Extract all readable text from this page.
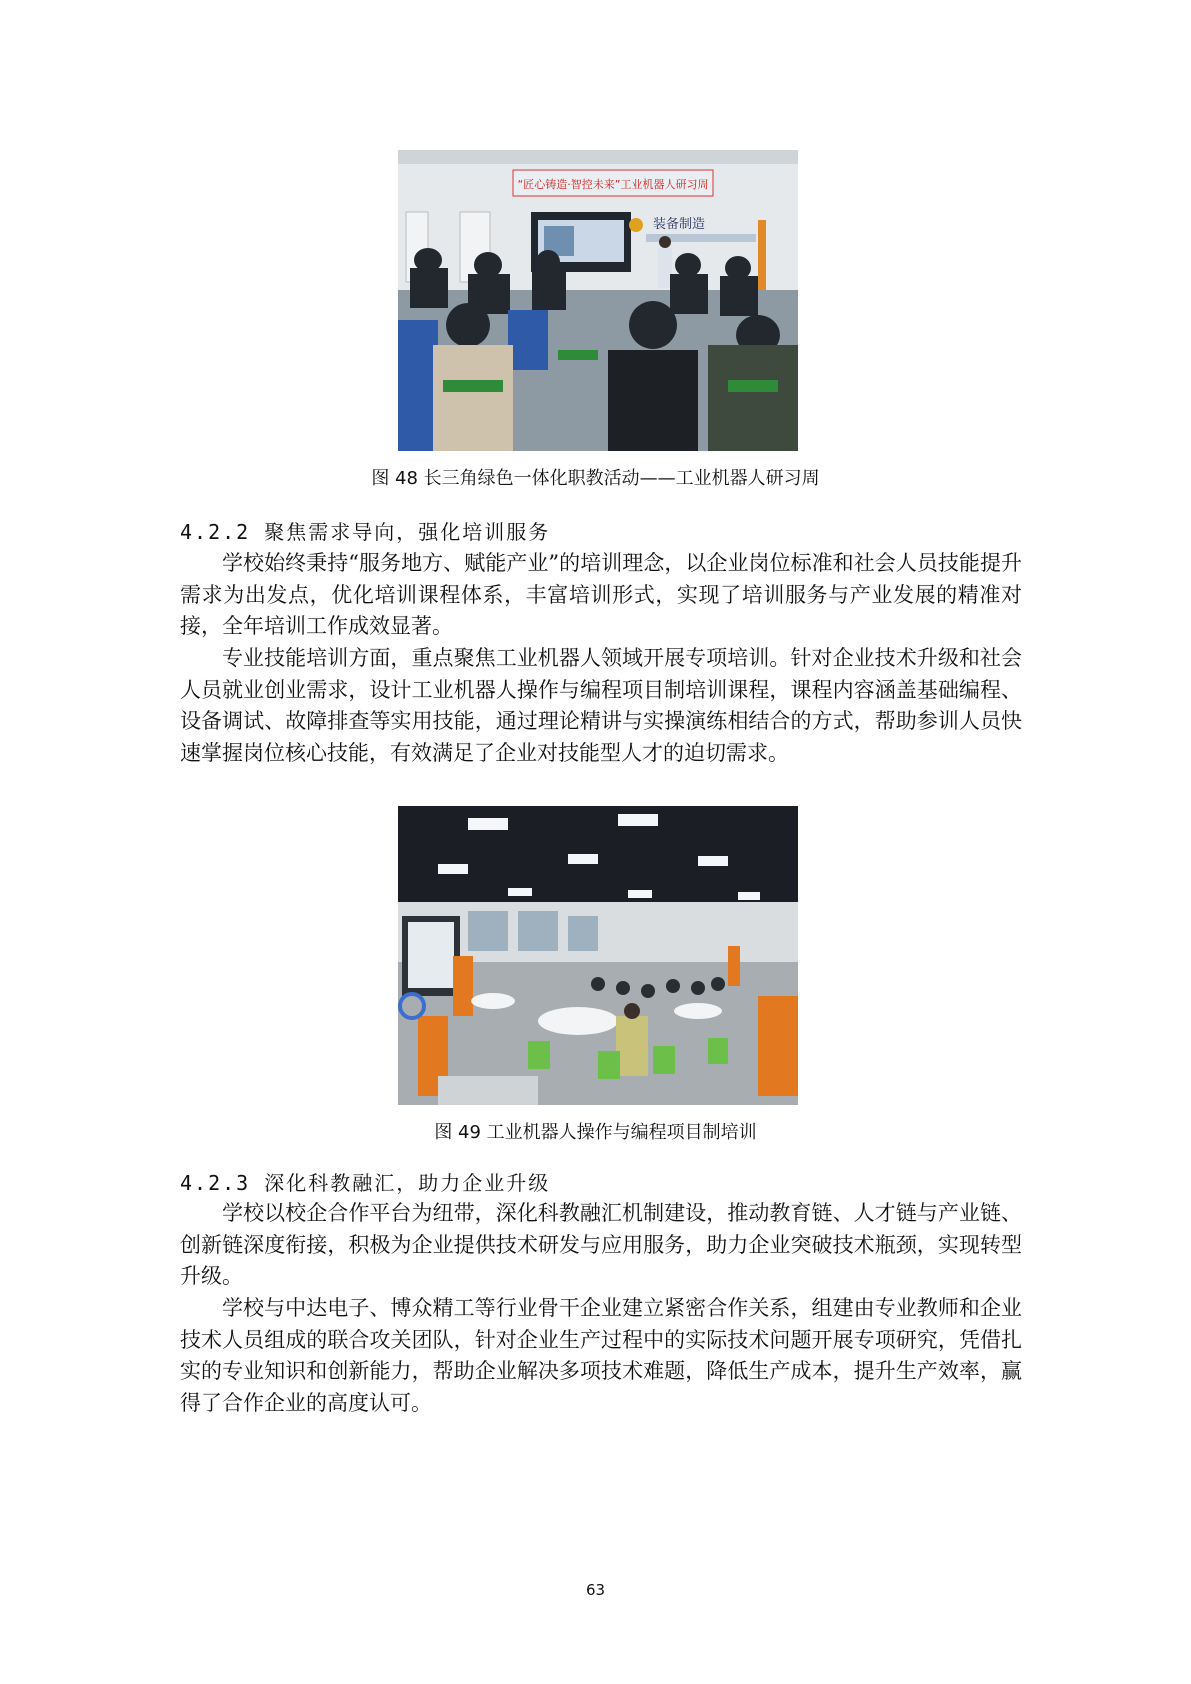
“匠心铸造·智控未来”工业机器人研习周
装备制造
图 48 长三角绿色一体化职教活动——工业机器人研习周
4.2.2 聚焦需求导向，强化培训服务

学校始终秉持“服务地方、赋能产业”的培训理念，以企业岗位标准和社会人员技能提升需求为出发点，优化培训课程体系，丰富培训形式，实现了培训服务与产业发展的精准对接，全年培训工作成效显著。

专业技能培训方面，重点聚焦工业机器人领域开展专项培训。针对企业技术升级和社会人员就业创业需求，设计工业机器人操作与编程项目制培训课程，课程内容涵盖基础编程、设备调试、故障排查等实用技能，通过理论精讲与实操演练相结合的方式，帮助参训人员快速掌握岗位核心技能，有效满足了企业对技能型人才的迫切需求。

图 49 工业机器人操作与编程项目制培训
4.2.3 深化科教融汇，助力企业升级

学校以校企合作平台为纽带，深化科教融汇机制建设，推动教育链、人才链与产业链、创新链深度衔接，积极为企业提供技术研发与应用服务，助力企业突破技术瓶颈，实现转型升级。

学校与中达电子、博众精工等行业骨干企业建立紧密合作关系，组建由专业教师和企业技术人员组成的联合攻关团队，针对企业生产过程中的实际技术问题开展专项研究，凭借扎实的专业知识和创新能力，帮助企业解决多项技术难题，降低生产成本，提升生产效率，赢得了合作企业的高度认可。

63
